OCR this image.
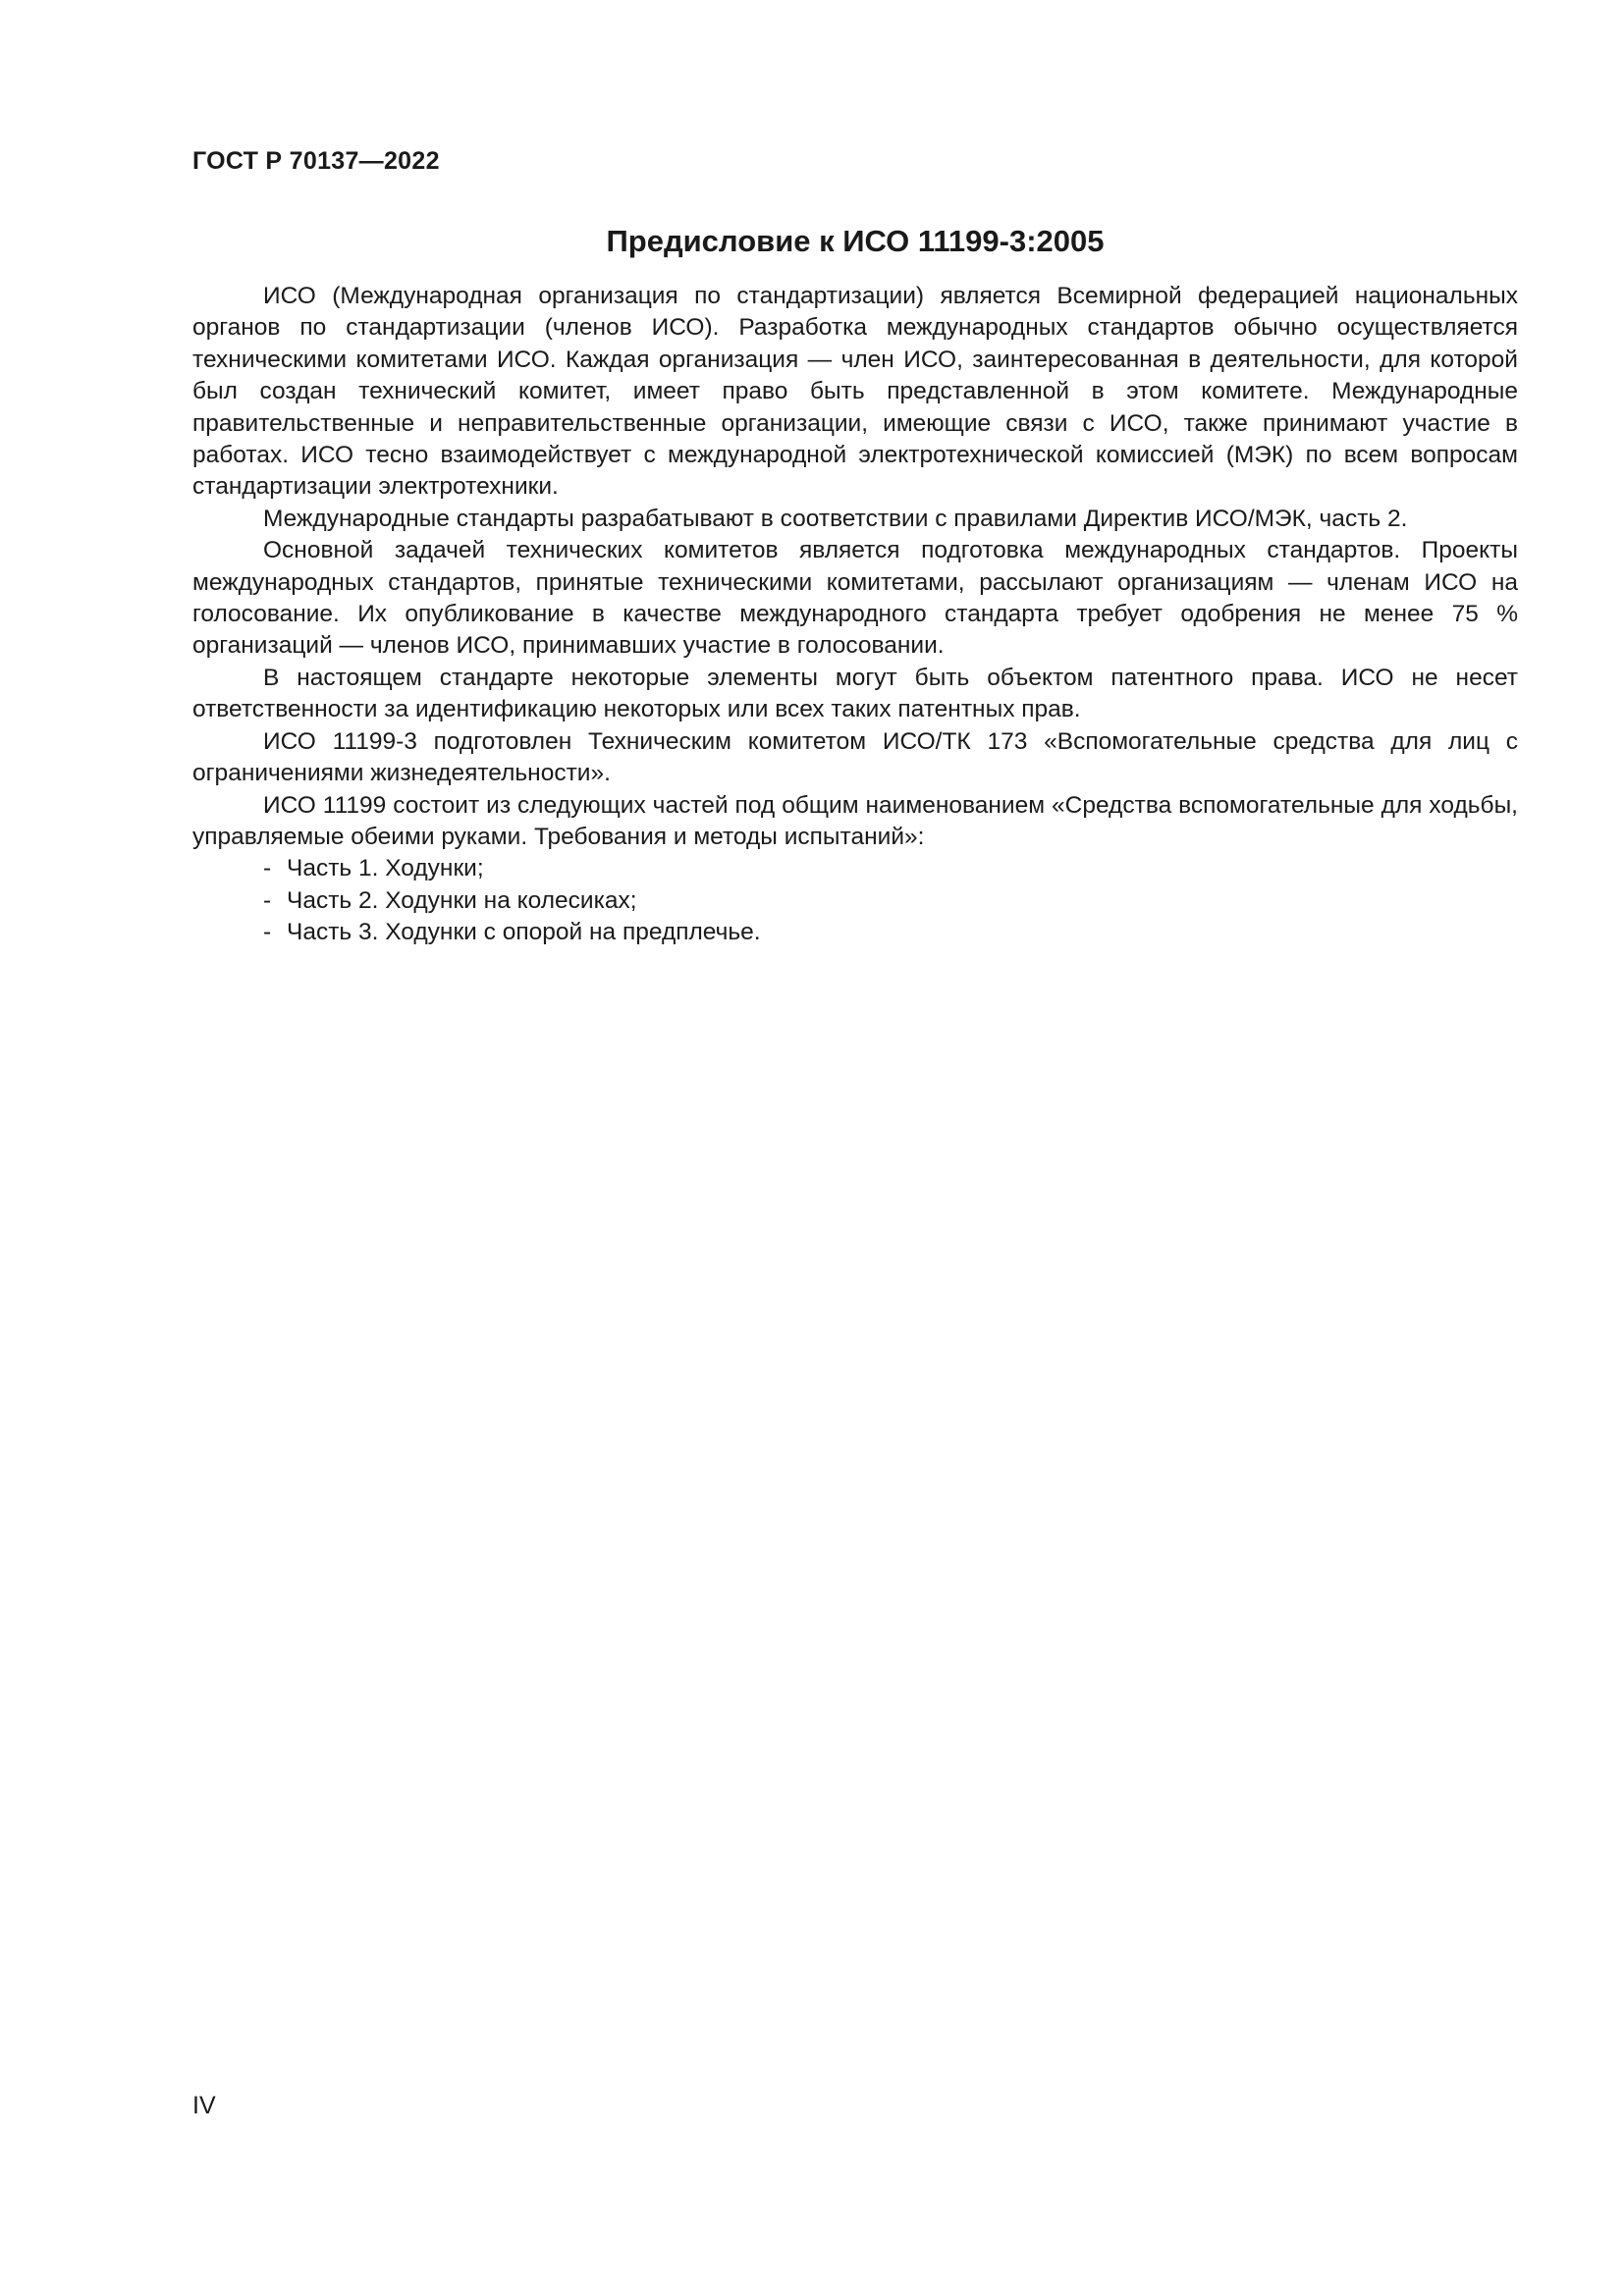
ГОСТ Р 70137—2022
Предисловие к ИСО 11199-3:2005

ИСО (Международная организация по стандартизации) является Всемирной федерацией национальных органов по стандартизации (членов ИСО). Разработка международных стандартов обычно осуществляется техническими комитетами ИСО. Каждая организация — член ИСО, заинтересованная в деятельности, для которой был создан технический комитет, имеет право быть представленной в этом комитете. Международные правительственные и неправительственные организации, имеющие связи с ИСО, также принимают участие в работах. ИСО тесно взаимодействует с международной электротехнической комиссией (МЭК) по всем вопросам стандартизации электротехники.

Международные стандарты разрабатывают в соответствии с правилами Директив ИСО/МЭК, часть 2.

Основной задачей технических комитетов является подготовка международных стандартов. Проекты международных стандартов, принятые техническими комитетами, рассылают организациям — членам ИСО на голосование. Их опубликование в качестве международного стандарта требует одобрения не менее 75 % организаций — членов ИСО, принимавших участие в голосовании.

В настоящем стандарте некоторые элементы могут быть объектом патентного права. ИСО не несет ответственности за идентификацию некоторых или всех таких патентных прав.

ИСО 11199-3 подготовлен Техническим комитетом ИСО/ТК 173 «Вспомогательные средства для лиц с ограничениями жизнедеятельности».

ИСО 11199 состоит из следующих частей под общим наименованием «Средства вспомогательные для ходьбы, управляемые обеими руками. Требования и методы испытаний»:

- Часть 1. Ходунки;
- Часть 2. Ходунки на колесиках;
- Часть 3. Ходунки с опорой на предплечье.
IV
